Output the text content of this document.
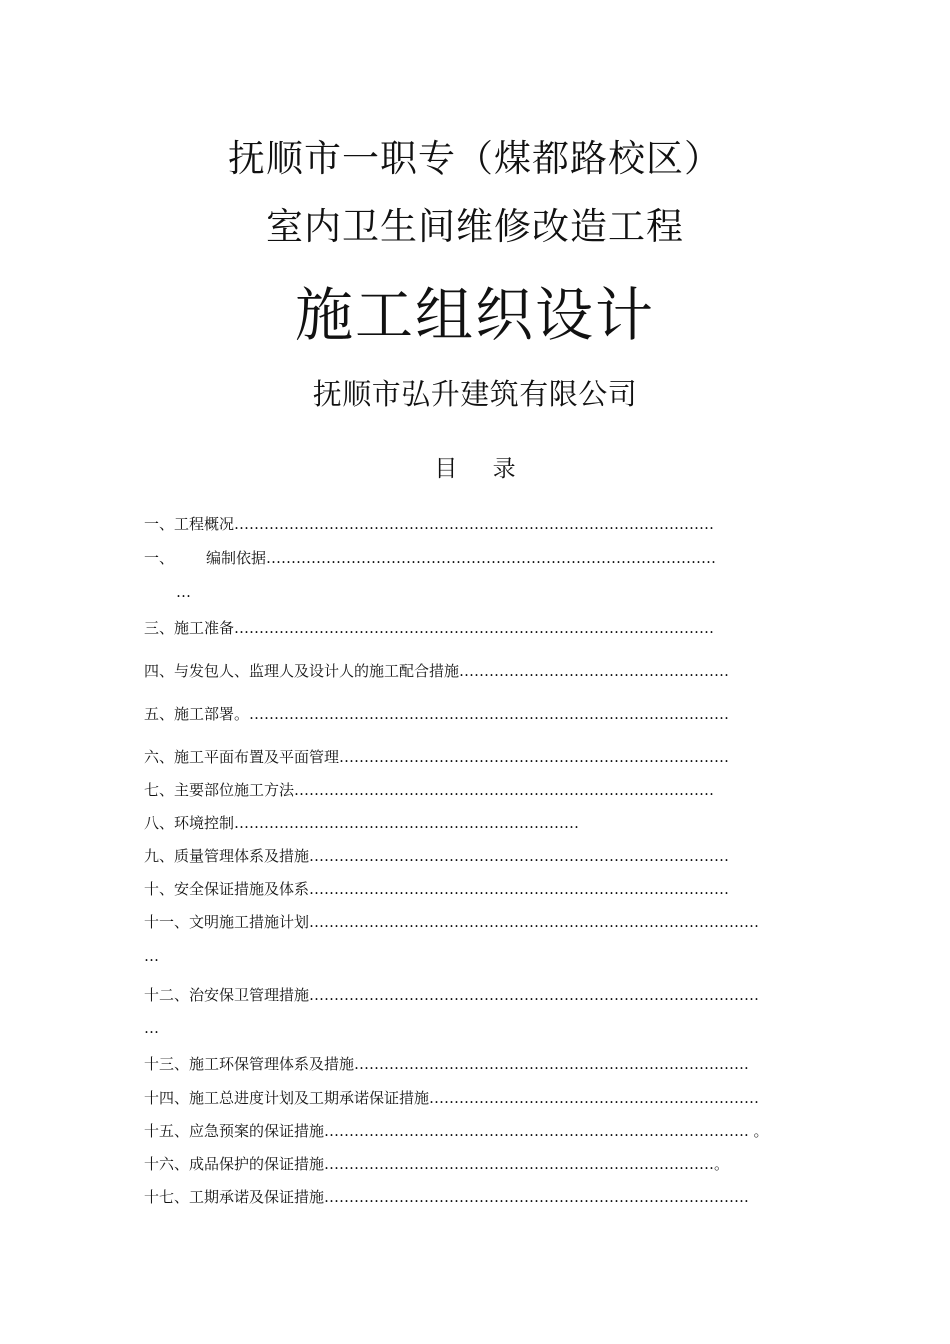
抚顺市一职专（煤都路校区）
室内卫生间维修改造工程
施工组织设计
抚顺市弘升建筑有限公司
目 录
一、工程概况……………………………………………………………………………………
一、 编制依据………………………………………………………………………………
…
三、施工准备……………………………………………………………………………………
四、与发包人、监理人及设计人的施工配合措施………………………………………………
五、施工部署。……………………………………………………………………………………
六、施工平面布置及平面管理……………………………………………………………………
七、主要部位施工方法…………………………………………………………………………
八、环境控制……………………………………………………………
九、质量管理体系及措施…………………………………………………………………………
十、安全保证措施及体系…………………………………………………………………………
十一、文明施工措施计划………………………………………………………………………………
…
十二、治安保卫管理措施………………………………………………………………………………
…
十三、施工环保管理体系及措施…………………………………………………………………….
十四、施工总进度计划及工期承诺保证措施…………………………………………………………
十五、应急预案的保证措施…………………………………………………………………………. 。
十六、成品保护的保证措施……………………………………………………………………。
十七、工期承诺及保证措施………………………………………………………………………….
